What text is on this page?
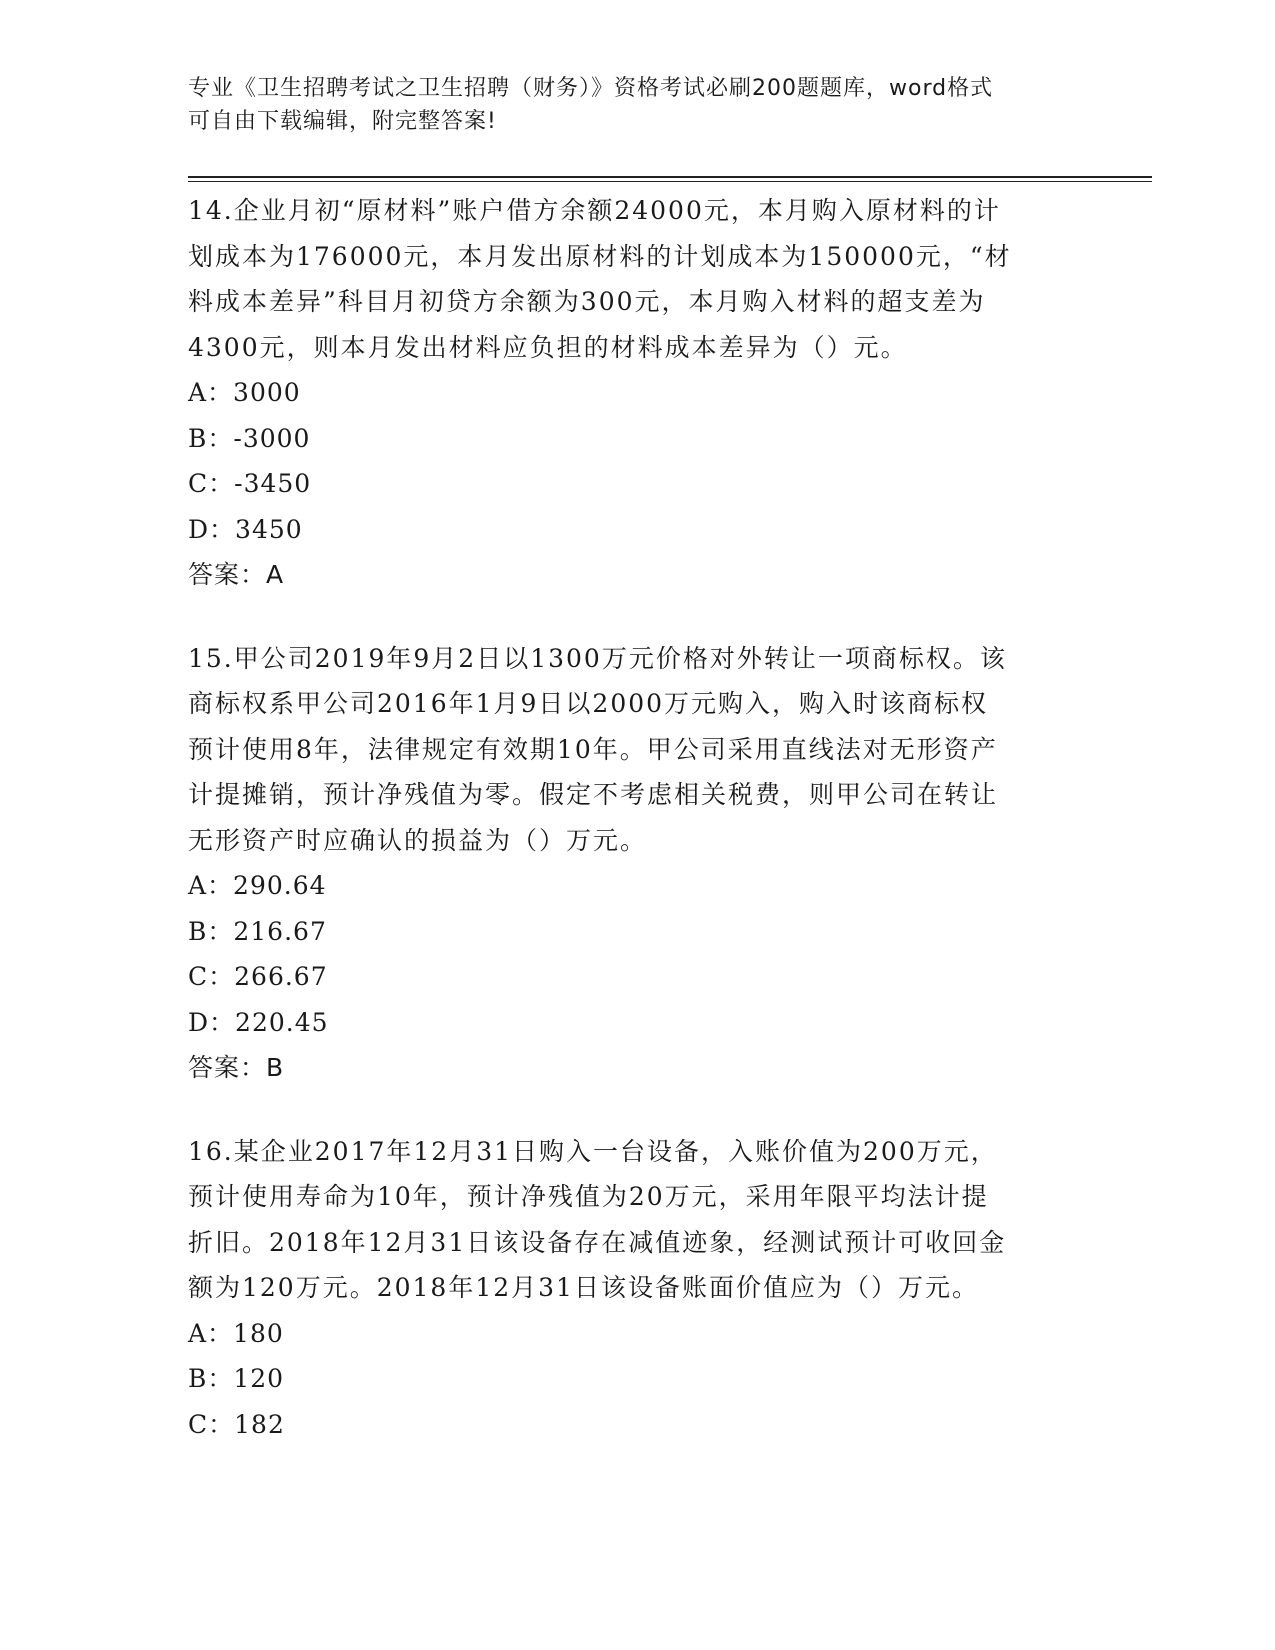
专业《卫生招聘考试之卫生招聘（财务）》资格考试必刷200题题库，word格式
可自由下载编辑，附完整答案!
14.企业月初“原材料”账户借方余额24000元，本月购入原材料的计
划成本为176000元，本月发出原材料的计划成本为150000元，“材
料成本差异”科目月初贷方余额为300元，本月购入材料的超支差为
4300元，则本月发出材料应负担的材料成本差异为（）元。
A：3000
B：-3000
C：-3450
D：3450
答案：A
15.甲公司2019年9月2日以1300万元价格对外转让一项商标权。该
商标权系甲公司2016年1月9日以2000万元购入，购入时该商标权
预计使用8年，法律规定有效期10年。甲公司采用直线法对无形资产
计提摊销，预计净残值为零。假定不考虑相关税费，则甲公司在转让
无形资产时应确认的损益为（）万元。
A：290.64
B：216.67
C：266.67
D：220.45
答案：B
16.某企业2017年12月31日购入一台设备，入账价值为200万元，
预计使用寿命为10年，预计净残值为20万元，采用年限平均法计提
折旧。2018年12月31日该设备存在减值迹象，经测试预计可收回金
额为120万元。2018年12月31日该设备账面价值应为（）万元。
A：180
B：120
C：182
